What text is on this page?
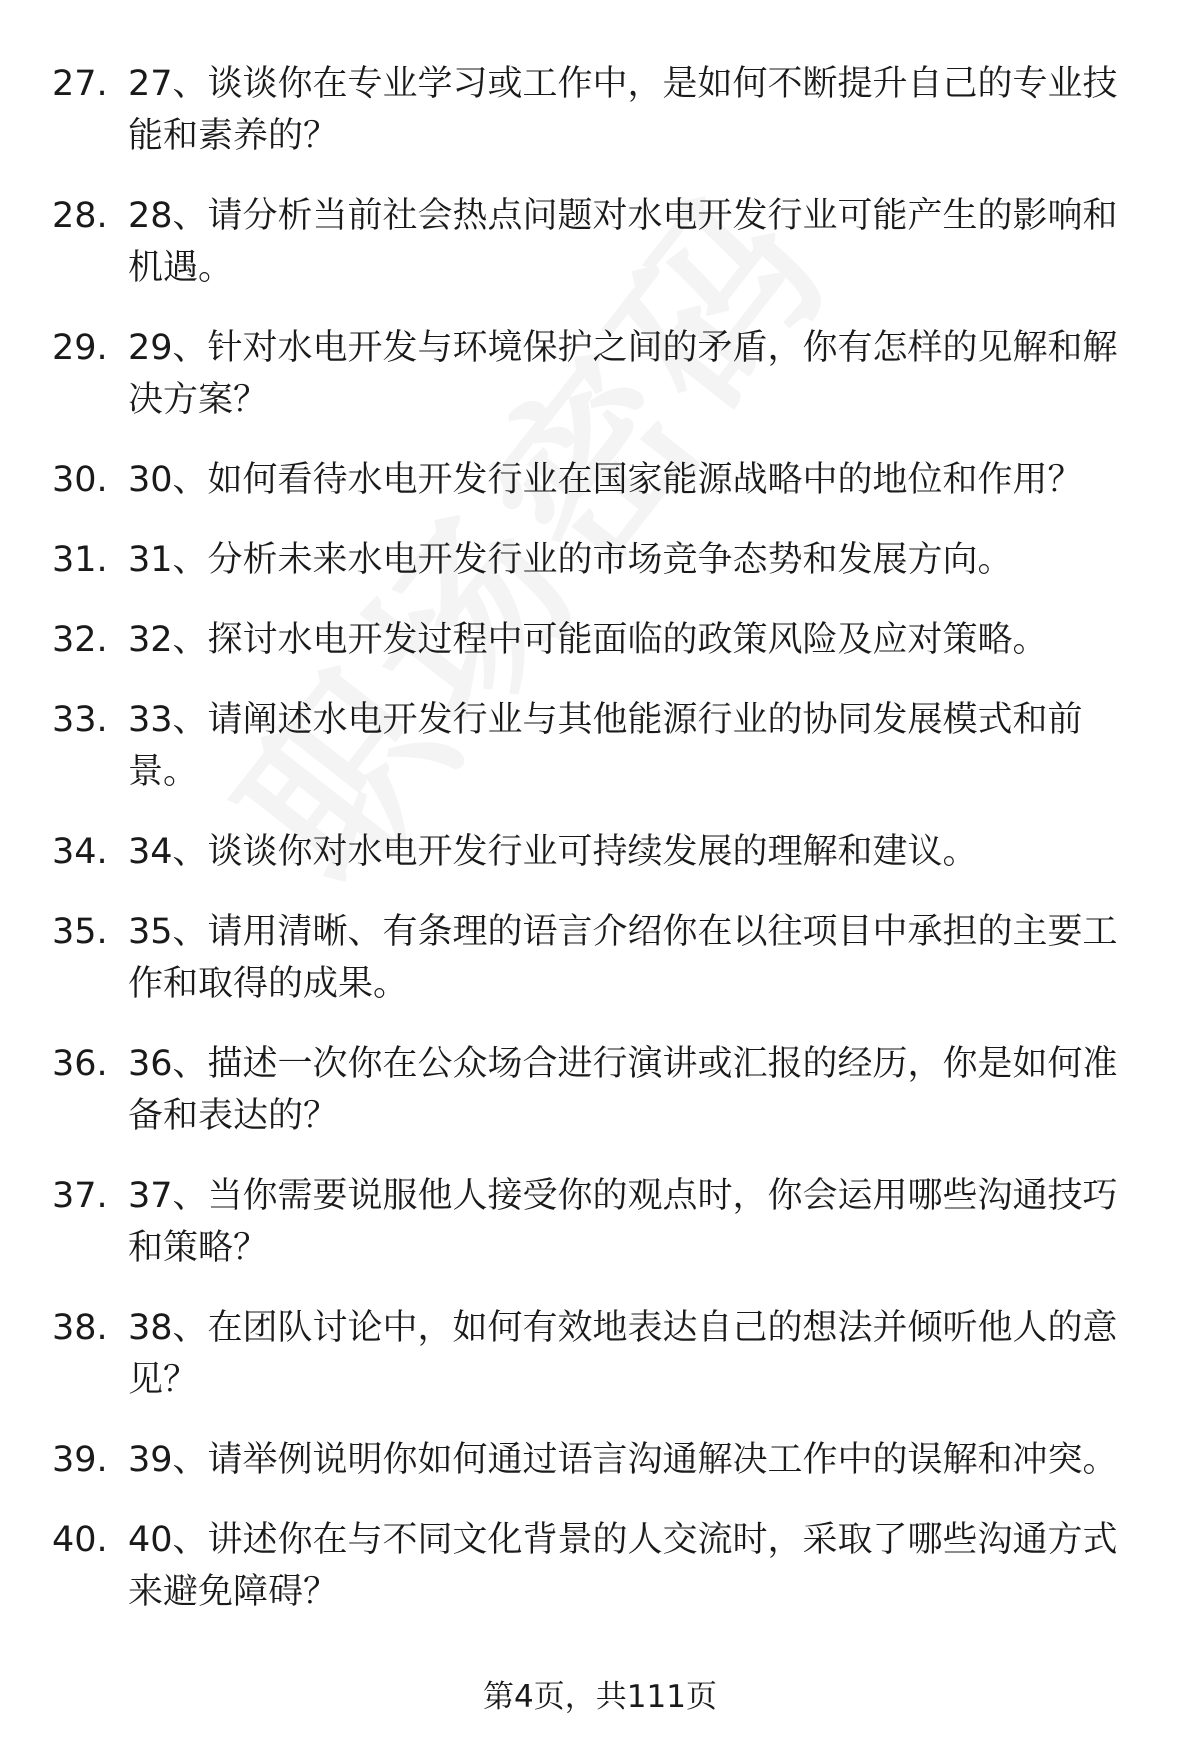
27. 27、谈谈你在专业学习或工作中，是如何不断提升自己的专业技能和素养的？
28. 28、请分析当前社会热点问题对水电开发行业可能产生的影响和机遇。
29. 29、针对水电开发与环境保护之间的矛盾，你有怎样的见解和解决方案？
30. 30、如何看待水电开发行业在国家能源战略中的地位和作用？
31. 31、分析未来水电开发行业的市场竞争态势和发展方向。
32. 32、探讨水电开发过程中可能面临的政策风险及应对策略。
33. 33、请阐述水电开发行业与其他能源行业的协同发展模式和前景。
34. 34、谈谈你对水电开发行业可持续发展的理解和建议。
35. 35、请用清晰、有条理的语言介绍你在以往项目中承担的主要工作和取得的成果。
36. 36、描述一次你在公众场合进行演讲或汇报的经历，你是如何准备和表达的？
37. 37、当你需要说服他人接受你的观点时，你会运用哪些沟通技巧和策略？
38. 38、在团队讨论中，如何有效地表达自己的想法并倾听他人的意见？
39. 39、请举例说明你如何通过语言沟通解决工作中的误解和冲突。
40. 40、讲述你在与不同文化背景的人交流时，采取了哪些沟通方式来避免障碍？
第4页，共111页
